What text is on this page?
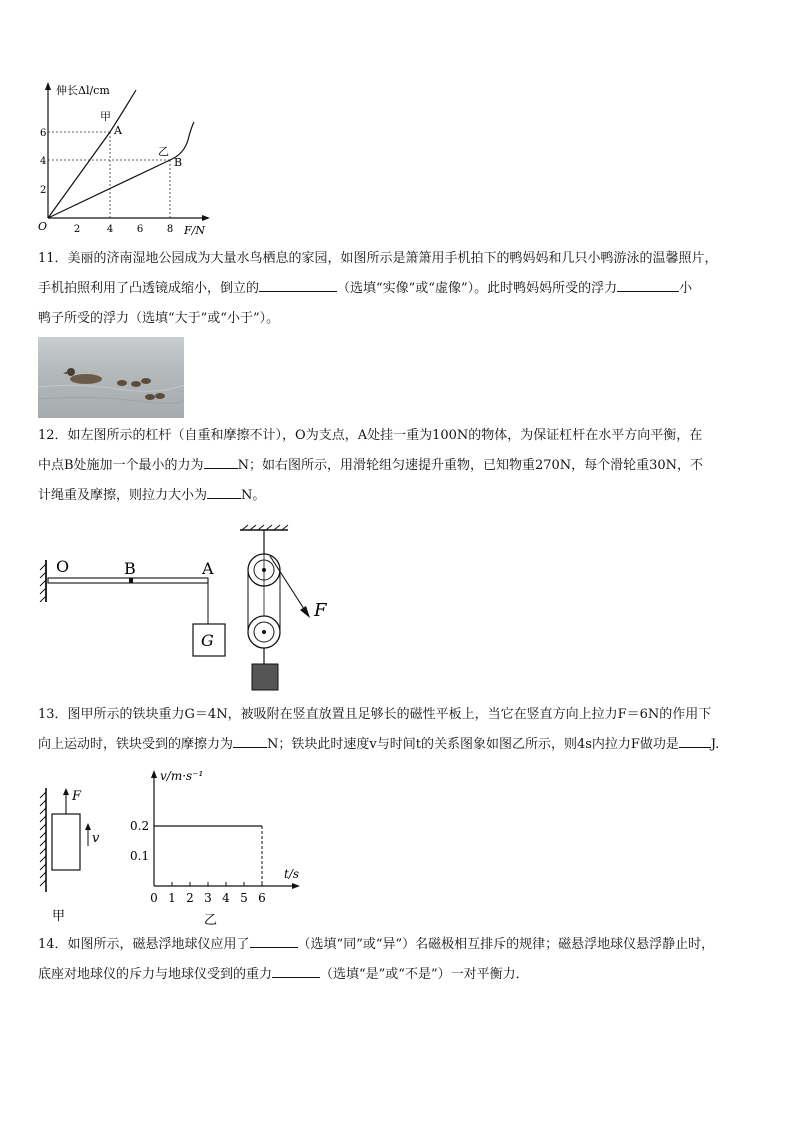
伸长Δl/cm
F/N
O	2	4 6 8
2
4
6
甲
乙
A
B

11．美丽的济南湿地公园成为大量水鸟栖息的家园，如图所示是箫箫用手机拍下的鸭妈妈和几只小鸭游泳的温馨照片，

手机拍照利用了凸透镜成缩小，倒立的	（选填“实像”或“虚像”）。此时鸭妈妈所受的浮力	小

鸭子所受的浮力（选填“大于”或“小于”）。

12．如左图所示的杠杆（自重和摩擦不计），O为支点，A处挂一重为100N的物体，为保证杠杆在水平方向平衡，在

中点B处施加一个最小的力为	N；如右图所示，用滑轮组匀速提升重物，已知物重270N，每个滑轮重30N，不

计绳重及摩擦，则拉力大小为	N。

O	B	A
G
F

13．图甲所示的铁块重力G＝4N，被吸附在竖直放置且足够长的磁性平板上，当它在竖直方向上拉力F＝6N的作用下

向上运动时，铁块受到的摩擦力为	N；铁块此时速度v与时间t的关系图象如图乙所示，则4s内拉力F做功是 J.

F
v
甲
v/m·s⁻¹
t/s
0.2
0.1
0 1 2 3 4 5 6
乙

14．如图所示，磁悬浮地球仪应用了	（选填“同”或“异”）名磁极相互排斥的规律；磁悬浮地球仪悬浮静止时，

底座对地球仪的斥力与地球仪受到的重力	（选填“是”或“不是”）一对平衡力．
